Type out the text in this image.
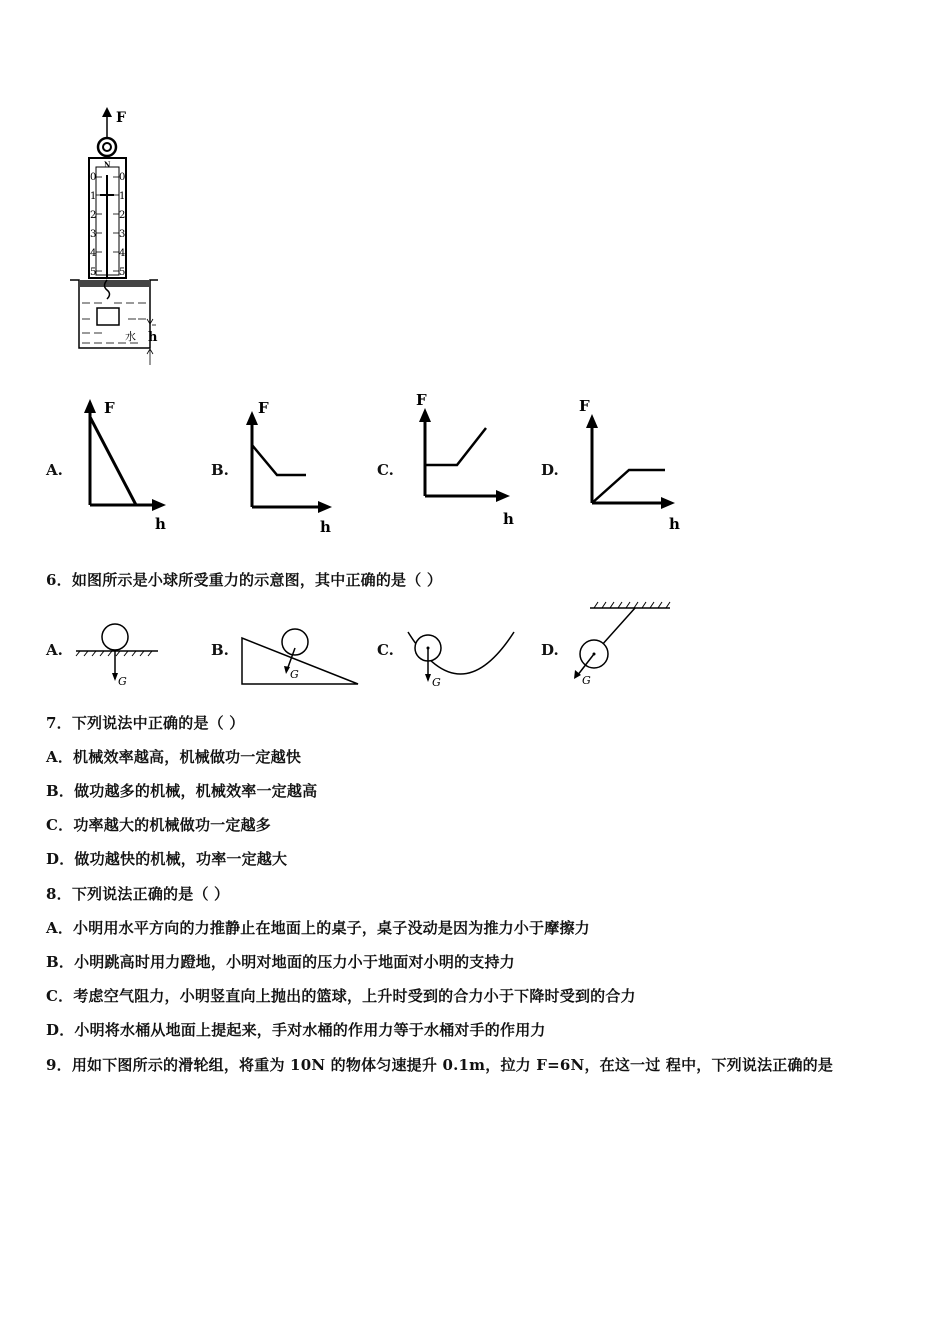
F
N
0 0
1 1
2 2
3 3
4 4
5 5
水 h
A.
F
h
B.
F
h
C.
F
h
D.
F
h
6．如图所示是小球所受重力的示意图，其中正确的是（ ）
A.
G
B.
G
C.
G
D.
G
7．下列说法中正确的是（ ）
A．机械效率越高，机械做功一定越快
B．做功越多的机械，机械效率一定越高
C．功率越大的机械做功一定越多
D．做功越快的机械，功率一定越大
8．下列说法正确的是（ ）
A．小明用水平方向的力推静止在地面上的桌子，桌子没动是因为推力小于摩擦力
B．小明跳高时用力蹬地，小明对地面的压力小于地面对小明的支持力
C．考虑空气阻力，小明竖直向上抛出的篮球，上升时受到的合力小于下降时受到的合力
D．小明将水桶从地面上提起来，手对水桶的作用力等于水桶对手的作用力
9．用如下图所示的滑轮组，将重为 10N 的物体匀速提升 0.1m，拉力 F=6N，在这一过 程中，下列说法正确的是
